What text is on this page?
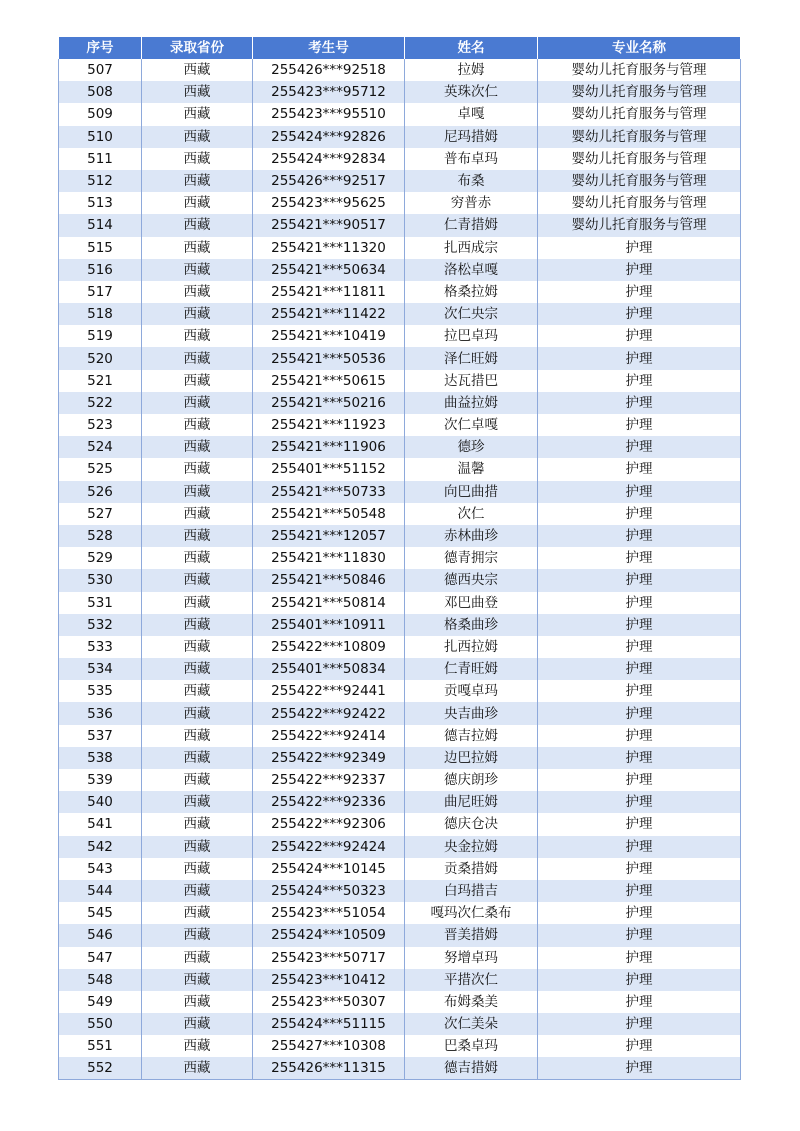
序号	录取省份	考生号	姓名	专业名称
507	西藏	255426***92518	拉姆	婴幼儿托育服务与管理
508	西藏	255423***95712	英珠次仁	婴幼儿托育服务与管理
509	西藏	255423***95510	卓嘎	婴幼儿托育服务与管理
510	西藏	255424***92826	尼玛措姆	婴幼儿托育服务与管理
511	西藏	255424***92834	普布卓玛	婴幼儿托育服务与管理
512	西藏	255426***92517	布桑	婴幼儿托育服务与管理
513	西藏	255423***95625	穷普赤	婴幼儿托育服务与管理
514	西藏	255421***90517	仁青措姆	婴幼儿托育服务与管理
515	西藏	255421***11320	扎西成宗	护理
516	西藏	255421***50634	洛松卓嘎	护理
517	西藏	255421***11811	格桑拉姆	护理
518	西藏	255421***11422	次仁央宗	护理
519	西藏	255421***10419	拉巴卓玛	护理
520	西藏	255421***50536	泽仁旺姆	护理
521	西藏	255421***50615	达瓦措巴	护理
522	西藏	255421***50216	曲益拉姆	护理
523	西藏	255421***11923	次仁卓嘎	护理
524	西藏	255421***11906	德珍	护理
525	西藏	255401***51152	温馨	护理
526	西藏	255421***50733	向巴曲措	护理
527	西藏	255421***50548	次仁	护理
528	西藏	255421***12057	赤林曲珍	护理
529	西藏	255421***11830	德青拥宗	护理
530	西藏	255421***50846	德西央宗	护理
531	西藏	255421***50814	邓巴曲登	护理
532	西藏	255401***10911	格桑曲珍	护理
533	西藏	255422***10809	扎西拉姆	护理
534	西藏	255401***50834	仁青旺姆	护理
535	西藏	255422***92441	贡嘎卓玛	护理
536	西藏	255422***92422	央吉曲珍	护理
537	西藏	255422***92414	德吉拉姆	护理
538	西藏	255422***92349	边巴拉姆	护理
539	西藏	255422***92337	德庆朗珍	护理
540	西藏	255422***92336	曲尼旺姆	护理
541	西藏	255422***92306	德庆仓决	护理
542	西藏	255422***92424	央金拉姆	护理
543	西藏	255424***10145	贡桑措姆	护理
544	西藏	255424***50323	白玛措吉	护理
545	西藏	255423***51054	嘎玛次仁桑布	护理
546	西藏	255424***10509	晋美措姆	护理
547	西藏	255423***50717	努增卓玛	护理
548	西藏	255423***10412	平措次仁	护理
549	西藏	255423***50307	布姆桑美	护理
550	西藏	255424***51115	次仁美朵	护理
551	西藏	255427***10308	巴桑卓玛	护理
552	西藏	255426***11315	德吉措姆	护理
